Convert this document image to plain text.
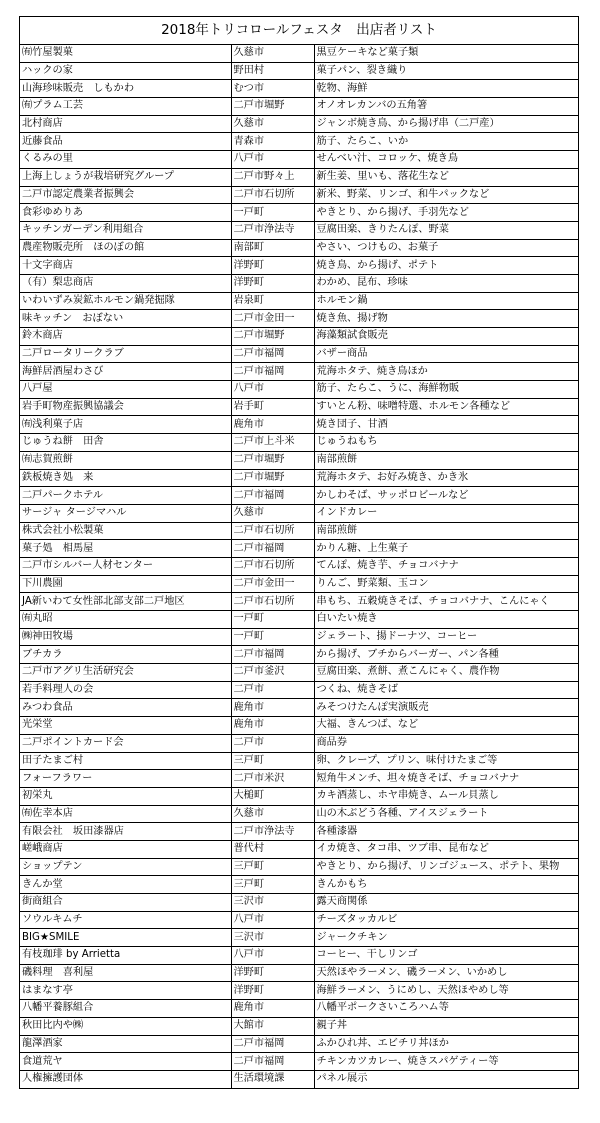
2018年トリコロールフェスタ　出店者リスト
㈲竹屋製菓	久慈市	黒豆ケーキなど菓子類
ハックの家	野田村	菓子パン、裂き織り
山海珍味販売　しもかわ	むつ市	乾物、海鮮
㈲プラム工芸	二戸市堀野	オノオレカンバの五角箸
北村商店	久慈市	ジャンボ焼き鳥、から揚げ串（二戸産）
近藤食品	青森市	筋子、たらこ、いか
くるみの里	八戸市	せんべい汁、コロッケ、焼き鳥
上海上しょうが栽培研究グループ	二戸市野々上	新生姜、里いも、落花生など
二戸市認定農業者振興会	二戸市石切所	新米、野菜、リンゴ、和牛パックなど
食彩ゆめりあ	一戸町	やきとり、から揚げ、手羽先など
キッチンガーデン利用組合	二戸市浄法寺	豆腐田楽、きりたんぽ、野菜
農産物販売所　ほのぼの館	南部町	やさい、つけもの、お菓子
十文字商店	洋野町	焼き鳥、から揚げ、ポテト
（有）梨忠商店	洋野町	わかめ、昆布、珍味
いわいずみ炭鉱ホルモン鍋発掘隊	岩泉町	ホルモン鍋
味キッチン　おぼない	二戸市金田一	焼き魚、揚げ物
鈴木商店	二戸市堀野	海藻類試食販売
二戸ロータリークラブ	二戸市福岡	バザー商品
海鮮居酒屋わさび	二戸市福岡	荒海ホタテ、焼き鳥ほか
八戸屋	八戸市	筋子、たらこ、うに、海鮮物販
岩手町物産振興協議会	岩手町	すいとん粉、味噌特選、ホルモン各種など
㈲浅利菓子店	鹿角市	焼き団子、甘酒
じゅうね餅　田舎	二戸市上斗米	じゅうねもち
㈲志賀煎餅	二戸市堀野	南部煎餅
鉄板焼き処　来	二戸市堀野	荒海ホタテ、お好み焼き、かき氷
二戸パークホテル	二戸市福岡	かしわそば、サッポロビールなど
サージャ タージマハル	久慈市	インドカレー
株式会社小松製菓	二戸市石切所	南部煎餅
菓子処　相馬屋	二戸市福岡	かりん糖、上生菓子
二戸市シルバー人材センター	二戸市石切所	てんぽ、焼き芋、チョコバナナ
下川農園	二戸市金田一	りんご、野菜類、玉コン
JA新いわて女性部北部支部二戸地区	二戸市石切所	串もち、五穀焼きそば、チョコバナナ、こんにゃく
㈲丸昭	一戸町	白いたい焼き
㈱神田牧場	一戸町	ジェラート、揚ドーナツ、コーヒー
ブチカラ	二戸市福岡	から揚げ、ブチからバーガー、パン各種
二戸市アグリ生活研究会	二戸市釜沢	豆腐田楽、煮餅、煮こんにゃく、農作物
若手料理人の会	二戸市	つくね、焼きそば
みつわ食品	鹿角市	みそつけたんぽ実演販売
光栄堂	鹿角市	大福、きんつば、など
二戸ポイントカード会	二戸市	商品券
田子たまご村	三戸町	卵、クレープ、プリン、味付けたまご等
フォーフラワー	二戸市米沢	短角牛メンチ、坦々焼きそば、チョコバナナ
初栄丸	大槌町	カキ酒蒸し、ホヤ串焼き、ムール貝蒸し
㈲佐幸本店	久慈市	山の木ぶどう各種、アイスジェラート
有限会社　坂田漆器店	二戸市浄法寺	各種漆器
嵯峨商店	普代村	イカ焼き、タコ串、ツブ串、昆布など
ショップテン	三戸町	やきとり、から揚げ、リンゴジュース、ポテト、果物
きんか堂	三戸町	きんかもち
街商組合	三沢市	露天商関係
ソウルキムチ	八戸市	チーズタッカルビ
BIG★SMILE	三沢市	ジャークチキン
有枝珈琲 by Arrietta	八戸市	コーヒー、干しリンゴ
磯料理　喜利屋	洋野町	天然ほやラーメン、磯ラーメン、いかめし
はまなす亭	洋野町	海鮮ラーメン、うにめし、天然ほやめし等
八幡平養豚組合	鹿角市	八幡平ポークさいころハム等
秋田比内や㈱	大館市	親子丼
龍澤酒家	二戸市福岡	ふかひれ丼、エビチリ丼ほか
食道荒ヤ	二戸市福岡	チキンカツカレー、焼きスパゲティー等
人権擁護団体	生活環境課	パネル展示
